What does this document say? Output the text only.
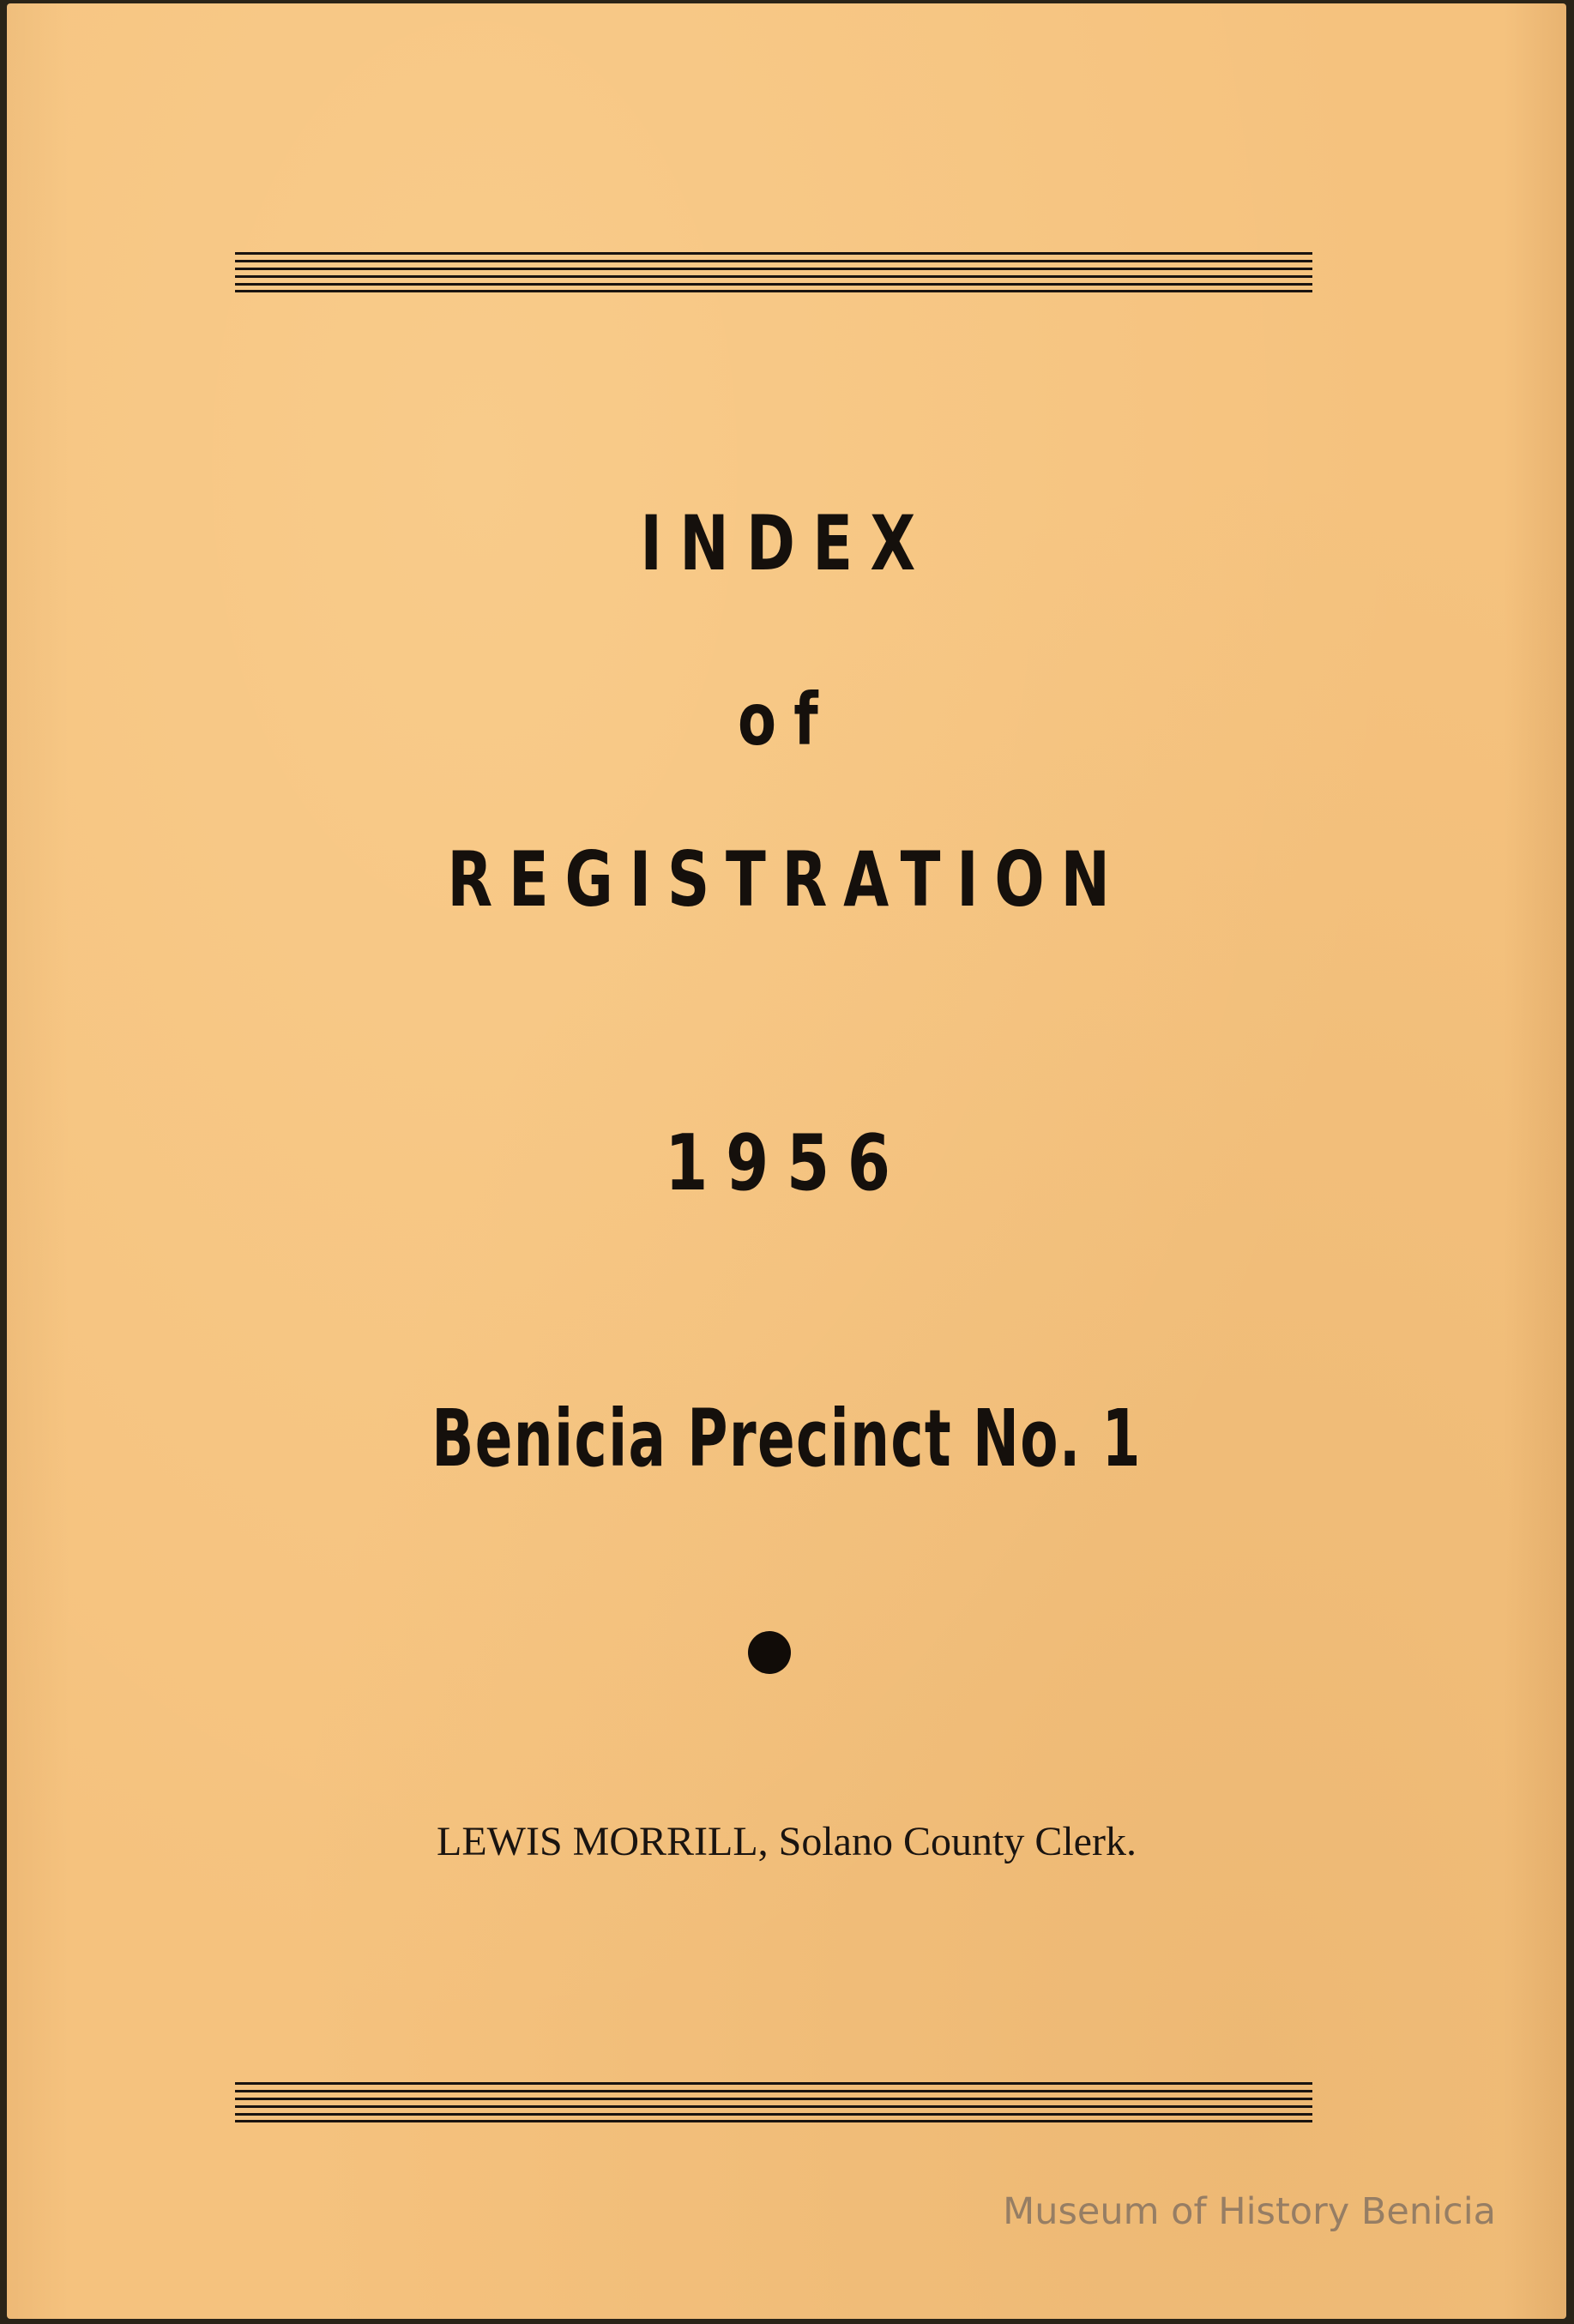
INDEX
of
REGISTRATION
1956
Benicia Precinct No. 1
LEWIS MORRILL, Solano County Clerk.
Museum of History Benicia
